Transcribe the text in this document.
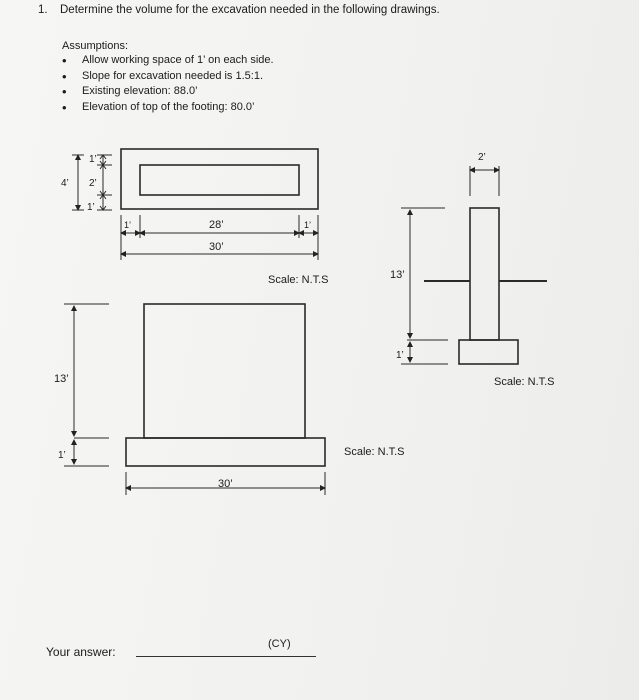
1. Determine the volume for the excavation needed in the following drawings.
Assumptions:
• Allow working space of 1’ on each side.
• Slope for excavation needed is 1.5:1.
• Existing elevation: 88.0’
• Elevation of top of the footing: 80.0’
1’
2’
1’
4’
1’	1’
28’
30’
Scale: N.T.S
13’
1’
30’
Scale: N.T.S
2’
13’
1’
Scale: N.T.S
Your answer:
(CY)
